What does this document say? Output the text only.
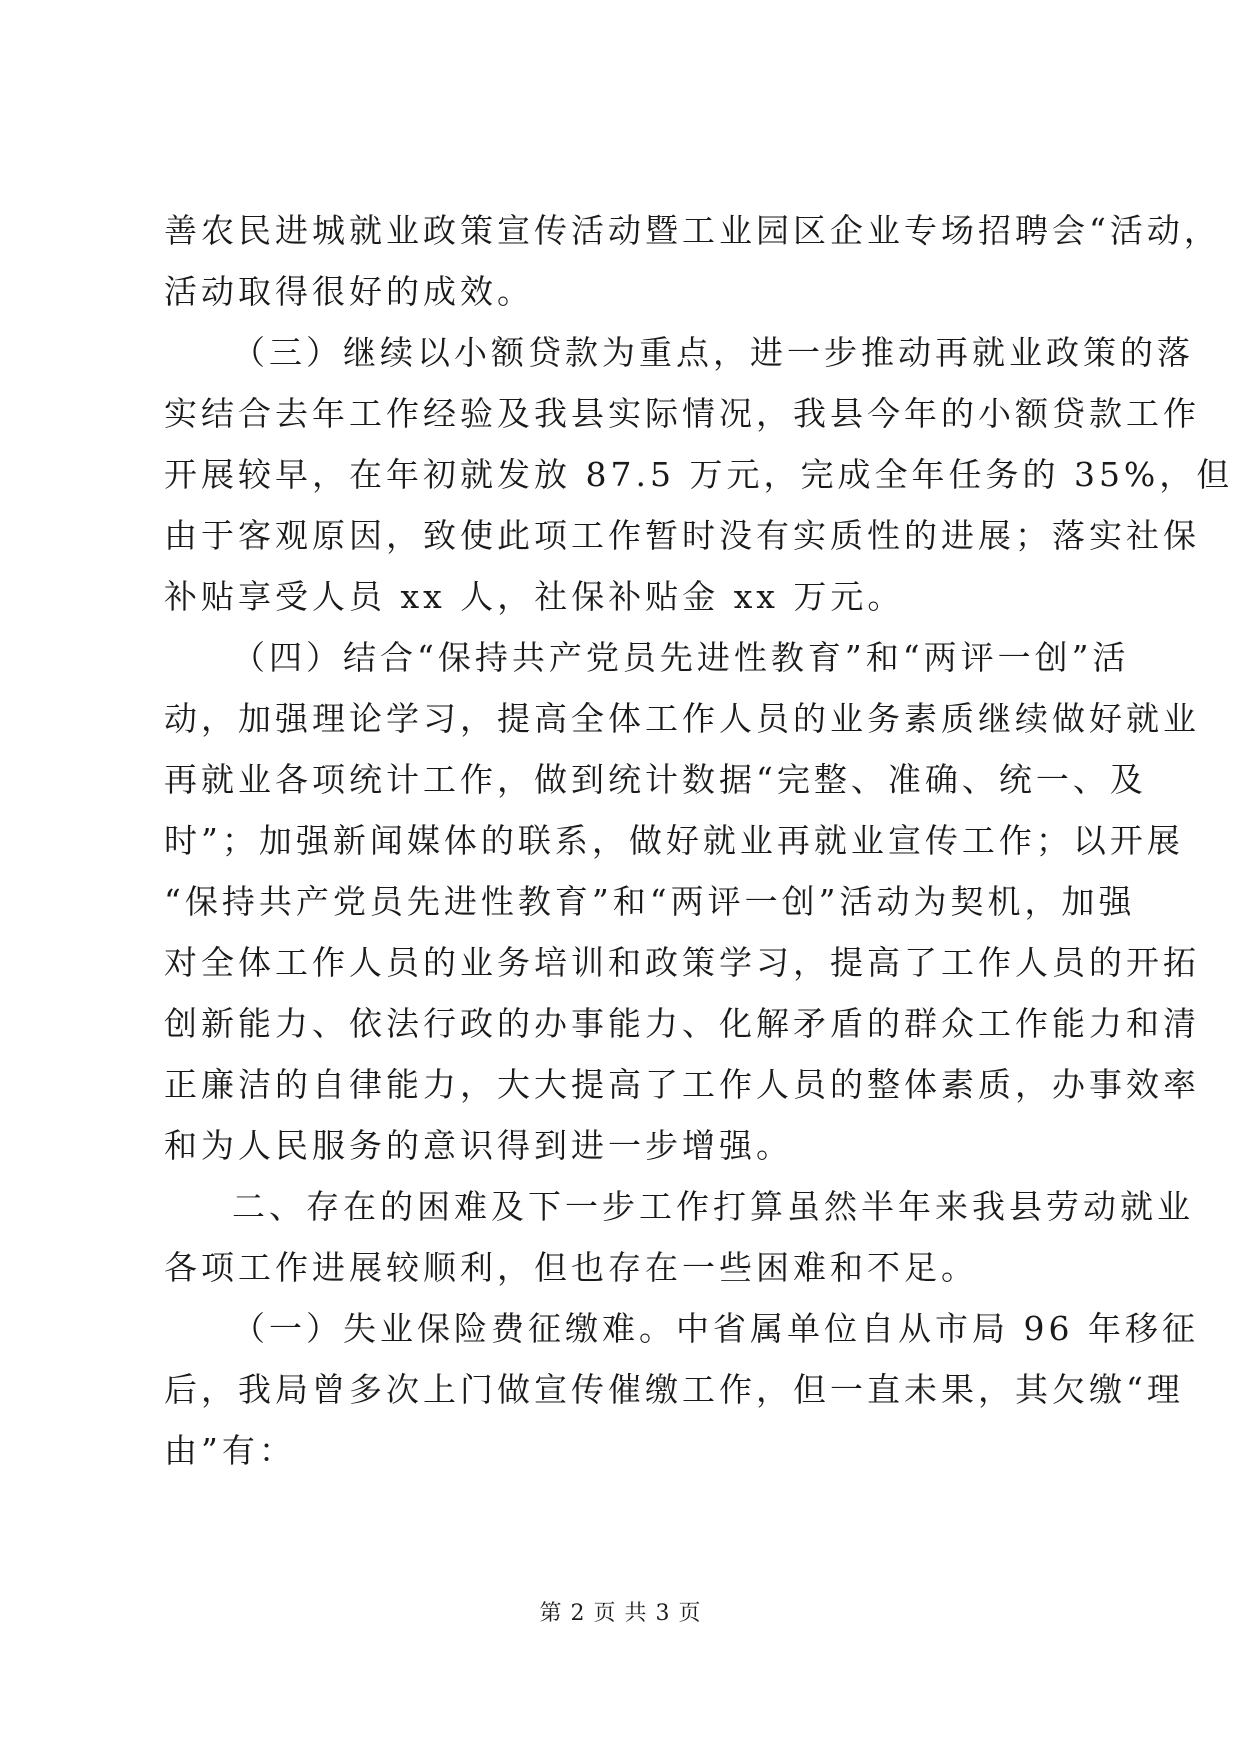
善农民进城就业政策宣传活动暨工业园区企业专场招聘会“活动，
活动取得很好的成效。
（三）继续以小额贷款为重点，进一步推动再就业政策的落
实结合去年工作经验及我县实际情况，我县今年的小额贷款工作
开展较早，在年初就发放 87.5 万元，完成全年任务的 35%，但
由于客观原因，致使此项工作暂时没有实质性的进展；落实社保
补贴享受人员 xx 人，社保补贴金 xx 万元。
（四）结合“保持共产党员先进性教育”和“两评一创”活
动，加强理论学习，提高全体工作人员的业务素质继续做好就业
再就业各项统计工作，做到统计数据“完整、准确、统一、及
时”；加强新闻媒体的联系，做好就业再就业宣传工作；以开展
“保持共产党员先进性教育”和“两评一创”活动为契机，加强
对全体工作人员的业务培训和政策学习，提高了工作人员的开拓
创新能力、依法行政的办事能力、化解矛盾的群众工作能力和清
正廉洁的自律能力，大大提高了工作人员的整体素质，办事效率
和为人民服务的意识得到进一步增强。
二、存在的困难及下一步工作打算虽然半年来我县劳动就业
各项工作进展较顺利，但也存在一些困难和不足。
（一）失业保险费征缴难。中省属单位自从市局 96 年移征
后，我局曾多次上门做宣传催缴工作，但一直未果，其欠缴“理
由”有：
第 2 页 共 3 页
